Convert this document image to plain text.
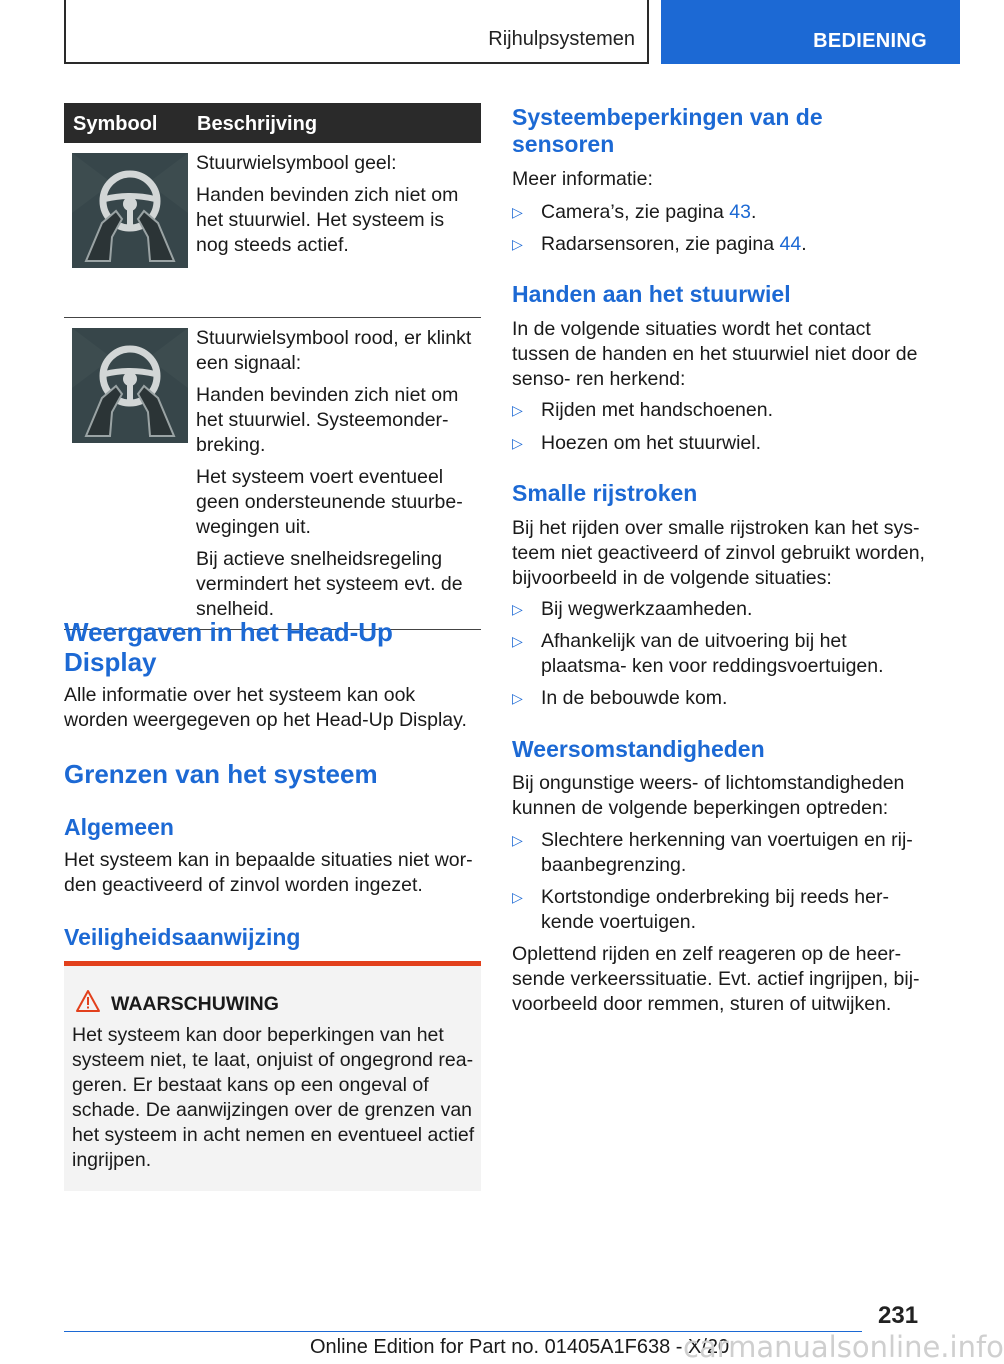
Rijhulpsystemen	BEDIENING
Symbool Beschrijving

Stuurwielsymbool geel:

Handen bevinden zich niet om het stuurwiel. Het systeem is nog steeds actief.

Stuurwielsymbool rood, er klinkt een signaal:

Handen bevinden zich niet om het stuurwiel. Systeemonder- breking.

Het systeem voert eventueel geen ondersteunende stuurbe- wegingen uit.

Bij actieve snelheidsregeling vermindert het systeem evt. de snelheid.

Weergaven in het Head-Up Display
Alle informatie over het systeem kan ook worden weergegeven op het Head-Up Display.
Grenzen van het systeem
Algemeen
Het systeem kan in bepaalde situaties niet wor- den geactiveerd of zinvol worden ingezet.
Veiligheidsaanwijzing
WAARSCHUWING
Het systeem kan door beperkingen van het systeem niet, te laat, onjuist of ongegrond rea- geren. Er bestaat kans op een ongeval of schade. De aanwijzingen over de grenzen van het systeem in acht nemen en eventueel actief ingrijpen.
Systeembeperkingen van de sensoren
Meer informatie:
▷ Camera’s, zie pagina 43.
▷ Radarsensoren, zie pagina 44.
Handen aan het stuurwiel
In de volgende situaties wordt het contact tussen de handen en het stuurwiel niet door de senso- ren herkend:
▷ Rijden met handschoenen.
▷ Hoezen om het stuurwiel.
Smalle rijstroken
Bij het rijden over smalle rijstroken kan het sys- teem niet geactiveerd of zinvol gebruikt worden, bijvoorbeeld in de volgende situaties:
▷ Bij wegwerkzaamheden.
▷ Afhankelijk van de uitvoering bij het plaatsma- ken voor reddingsvoertuigen.
▷ In de bebouwde kom.
Weersomstandigheden
Bij ongunstige weers- of lichtomstandigheden kunnen de volgende beperkingen optreden:
▷ Slechtere herkenning van voertuigen en rij- baanbegrenzing.
▷ Kortstondige onderbreking bij reeds her- kende voertuigen.
Oplettend rijden en zelf reageren op de heer- sende verkeerssituatie. Evt. actief ingrijpen, bij- voorbeeld door remmen, sturen of uitwijken.
231
Online Edition for Part no. 01405A1F638 - X/20
carmanualsonline.info
